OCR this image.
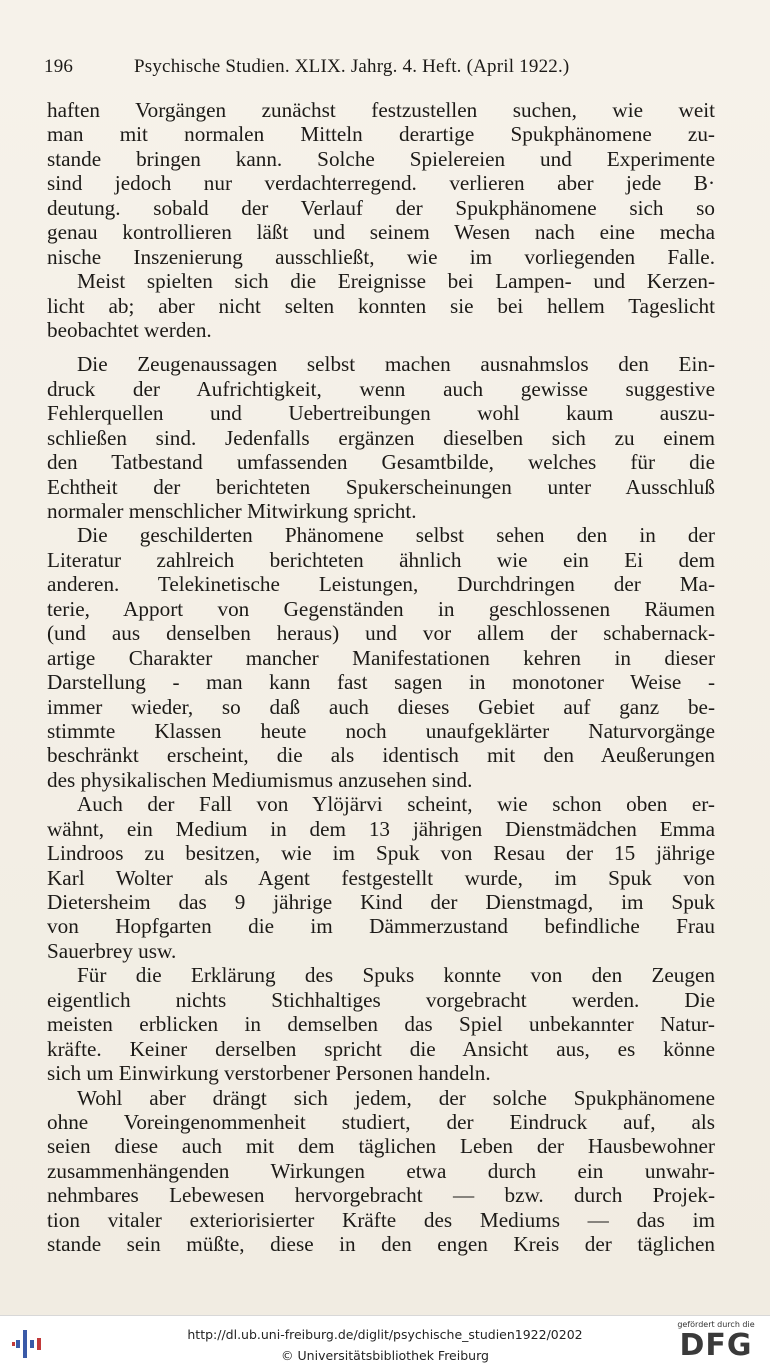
196	Psychische Studien. XLIX. Jahrg. 4. Heft. (April 1922.)
haften Vorgängen zunächst festzustellen suchen, wie weit
man mit normalen Mitteln derartige Spukphänomene zu-
stande bringen kann. Solche Spielereien und Experimente
sind jedoch nur verdachterregend. verlieren aber jede B·
deutung. sobald der Verlauf der Spukphänomene sich so
genau kontrollieren läßt und seinem Wesen nach eine mecha
nische Inszenierung ausschließt, wie im vorliegenden Falle.
Meist spielten sich die Ereignisse bei Lampen- und Kerzen-
licht ab; aber nicht selten konnten sie bei hellem Tageslicht
beobachtet werden.
Die Zeugenaussagen selbst machen ausnahmslos den Ein-
druck der Aufrichtigkeit, wenn auch gewisse suggestive
Fehlerquellen und Uebertreibungen wohl kaum auszu-
schließen sind. Jedenfalls ergänzen dieselben sich zu einem
den Tatbestand umfassenden Gesamtbilde, welches für die
Echtheit der berichteten Spukerscheinungen unter Ausschluß
normaler menschlicher Mitwirkung spricht.
Die geschilderten Phänomene selbst sehen den in der
Literatur zahlreich berichteten ähnlich wie ein Ei dem
anderen. Telekinetische Leistungen, Durchdringen der Ma-
terie, Apport von Gegenständen in geschlossenen Räumen
(und aus denselben heraus) und vor allem der schabernack-
artige Charakter mancher Manifestationen kehren in dieser
Darstellung - man kann fast sagen in monotoner Weise -
immer wieder, so daß auch dieses Gebiet auf ganz be-
stimmte Klassen heute noch unaufgeklärter Naturvorgänge
beschränkt erscheint, die als identisch mit den Aeußerungen
des physikalischen Mediumismus anzusehen sind.
Auch der Fall von Ylöjärvi scheint, wie schon oben er-
wähnt, ein Medium in dem 13 jährigen Dienstmädchen Emma
Lindroos zu besitzen, wie im Spuk von Resau der 15 jährige
Karl Wolter als Agent festgestellt wurde, im Spuk von
Dietersheim das 9 jährige Kind der Dienstmagd, im Spuk
von Hopfgarten die im Dämmerzustand befindliche Frau
Sauerbrey usw.
Für die Erklärung des Spuks konnte von den Zeugen
eigentlich nichts Stichhaltiges vorgebracht werden. Die
meisten erblicken in demselben das Spiel unbekannter Natur-
kräfte. Keiner derselben spricht die Ansicht aus, es könne
sich um Einwirkung verstorbener Personen handeln.
Wohl aber drängt sich jedem, der solche Spukphänomene
ohne Voreingenommenheit studiert, der Eindruck auf, als
seien diese auch mit dem täglichen Leben der Hausbewohner
zusammenhängenden Wirkungen etwa durch ein unwahr-
nehmbares Lebewesen hervorgebracht — bzw. durch Projek-
tion vitaler exteriorisierter Kräfte des Mediums — das im
stande sein müßte, diese in den engen Kreis der täglichen
http://dl.ub.uni-freiburg.de/diglit/psychische_studien1922/0202
© Universitätsbibliothek Freiburg
gefördert durch die
DFG
